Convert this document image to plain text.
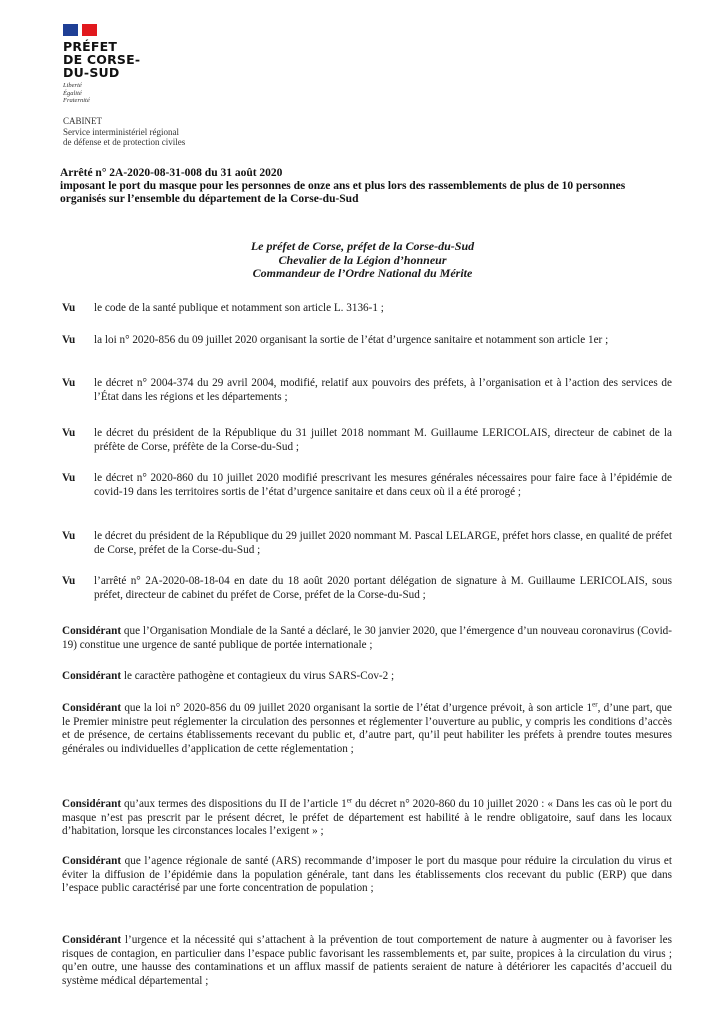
PRÉFET
DE CORSE-
DU-SUD
Liberté
Égalité
Fraternité
CABINET
Service interministériel régional
de défense et de protection civiles
Arrêté n° 2A-2020-08-31-008 du 31 août 2020
imposant le port du masque pour les personnes de onze ans et plus lors des rassemblements de plus de 10 personnes organisés sur l’ensemble du département de la Corse-du-Sud
Le préfet de Corse, préfet de la Corse-du-Sud
Chevalier de la Légion d’honneur
Commandeur de l’Ordre National du Mérite
Vu	le code de la santé publique et notamment son article L. 3136-1 ;
Vu	la loi n° 2020-856 du 09 juillet 2020 organisant la sortie de l’état d’urgence sanitaire et notamment son article 1er ;
Vu	le décret n° 2004-374 du 29 avril 2004, modifié, relatif aux pouvoirs des préfets, à l’organisation et à l’action des services de l’État dans les régions et les départements ;
Vu	le décret du président de la République du 31 juillet 2018 nommant M. Guillaume LERICOLAIS, directeur de cabinet de la préfète de Corse, préfète de la Corse-du-Sud ;
Vu	le décret n° 2020-860 du 10 juillet 2020 modifié prescrivant les mesures générales nécessaires pour faire face à l’épidémie de covid-19 dans les territoires sortis de l’état d’urgence sanitaire et dans ceux où il a été prorogé ;
Vu	le décret du président de la République du 29 juillet 2020 nommant M. Pascal LELARGE, préfet hors classe, en qualité de préfet de Corse, préfet de la Corse-du-Sud ;
Vu	l’arrêté n° 2A-2020-08-18-04 en date du 18 août 2020 portant délégation de signature à M. Guillaume LERICOLAIS, sous préfet, directeur de cabinet du préfet de Corse, préfet de la Corse-du-Sud ;
Considérant que l’Organisation Mondiale de la Santé a déclaré, le 30 janvier 2020, que l’émergence d’un nouveau coronavirus (Covid-19) constitue une urgence de santé publique de portée internationale ;
Considérant le caractère pathogène et contagieux du virus SARS-Cov-2 ;
Considérant que la loi n° 2020-856 du 09 juillet 2020 organisant la sortie de l’état d’urgence prévoit, à son article 1er, d’une part, que le Premier ministre peut réglementer la circulation des personnes et réglementer l’ouverture au public, y compris les conditions d’accès et de présence, de certains établissements recevant du public et, d’autre part, qu’il peut habiliter les préfets à prendre toutes mesures générales ou individuelles d’application de cette réglementation ;
Considérant qu’aux termes des dispositions du II de l’article 1er du décret n° 2020-860 du 10 juillet 2020 : « Dans les cas où le port du masque n’est pas prescrit par le présent décret, le préfet de département est habilité à le rendre obligatoire, sauf dans les locaux d’habitation, lorsque les circonstances locales l’exigent » ;
Considérant que l’agence régionale de santé (ARS) recommande d’imposer le port du masque pour réduire la circulation du virus et éviter la diffusion de l’épidémie dans la population générale, tant dans les établissements clos recevant du public (ERP) que dans l’espace public caractérisé par une forte concentration de population ;
Considérant l’urgence et la nécessité qui s’attachent à la prévention de tout comportement de nature à augmenter ou à favoriser les risques de contagion, en particulier dans l’espace public favorisant les rassemblements et, par suite, propices à la circulation du virus ; qu’en outre, une hausse des contaminations et un afflux massif de patients seraient de nature à détériorer les capacités d’accueil du système médical départemental ;
